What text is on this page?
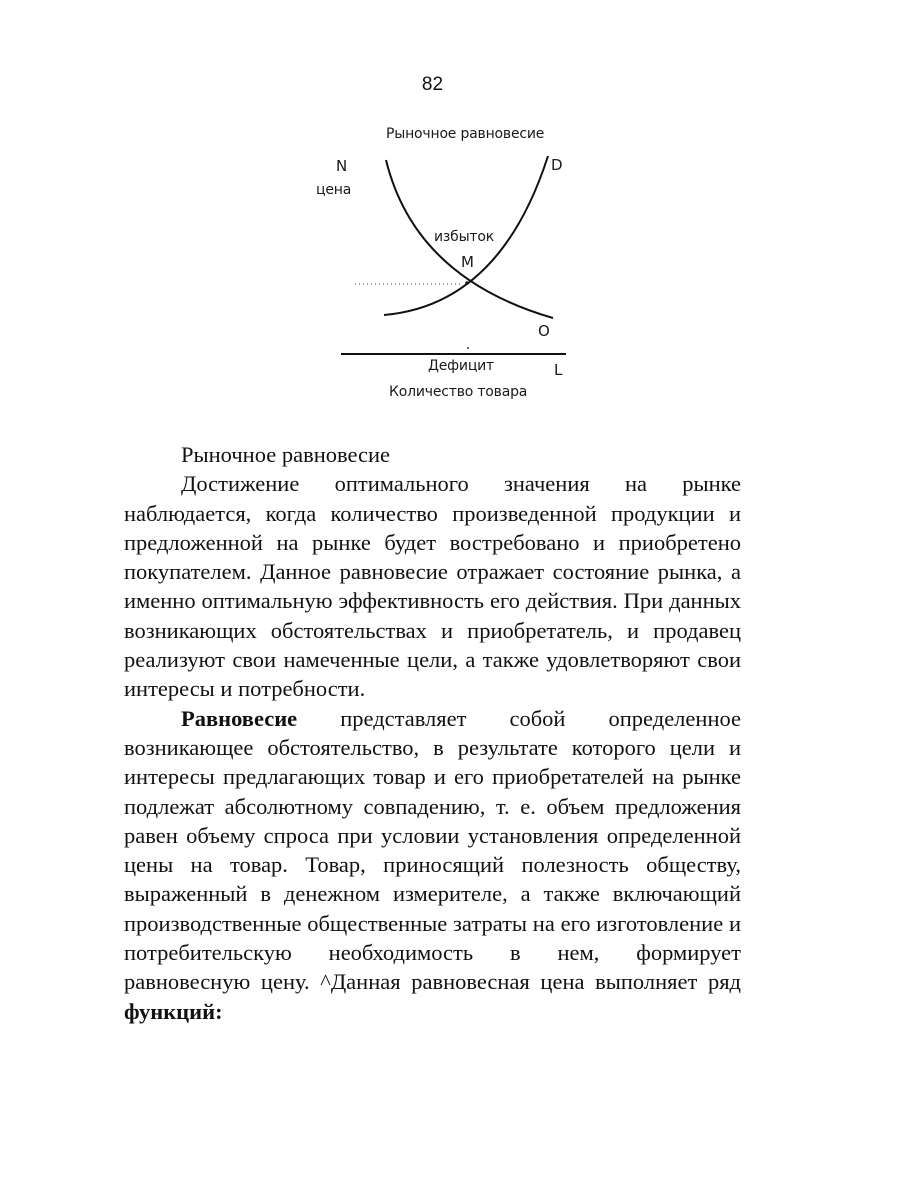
82
Рыночное равновесие
N
цена
D
избыток
M
O
Дефицит	L
Количество товара

Рыночное равновесие

Достижение оптимального значения на рынке наблюдается, когда количество произведенной продукции и предложенной на рынке будет востребовано и приобретено покупателем. Данное равновесие отражает состояние рынка, а именно оптимальную эффективность его действия. При данных возникающих обстоятельствах и приобретатель, и продавец реализуют свои намеченные цели, а также удовлетворяют свои интересы и потребности.

Равновесие представляет собой определенное возникающее обстоятельство, в результате которого цели и интересы предлагающих товар и его приобретателей на рынке подлежат абсолютному совпадению, т. е. объем предложения равен объему спроса при условии установления определенной цены на товар. Товар, приносящий полезность обществу, выраженный в денежном измерителе, а также включающий производственные общественные затраты на его изготовление и потребительскую необходимость в нем, формирует равновесную цену. ^Данная равновесная цена выполняет ряд функций:
